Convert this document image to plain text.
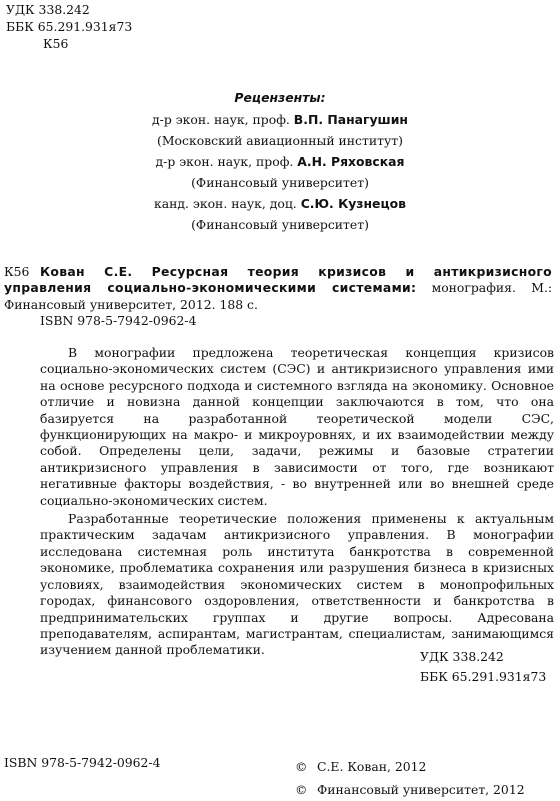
УДК 338.242
ББК 65.291.931я73
К56
Рецензенты:
д-р экон. наук, проф. В.П. Панагушин
(Московский авиационный институт)
д-р экон. наук, проф. А.Н. Ряховская
(Финансовый университет)
канд. экон. наук, доц. С.Ю. Кузнецов
(Финансовый университет)
К56 Кован С.Е. Ресурсная теория кризисов и антикризисного управления социально-экономическими системами: монография. М.: Финансовый университет, 2012. 188 с.
ISBN 978-5-7942-0962-4

В монографии предложена теоретическая концепция кризисов социально-экономических систем (СЭС) и антикризисного управления ими на основе ресурсного подхода и системного взгляда на экономику. Основное отличие и новизна данной концепции заключаются в том, что она базируется на разработанной теоретической модели СЭС, функционирующих на макро- и микроуровнях, и их взаимодействии между собой. Определены цели, задачи, режимы и базовые стратегии антикризисного управления в зависимости от того, где возникают негативные факторы воздействия, - во внутренней или во внешней среде социально-экономических систем.

Разработанные теоретические положения применены к актуальным практическим задачам антикризисного управления. В монографии исследована системная роль института банкротства в современной экономике, проблематика сохранения или разрушения бизнеса в кризисных условиях, взаимодействия экономических систем в монопрофильных городах, финансового оздоровления, ответственности и банкротства в предпринимательских группах и другие вопросы. Адресована преподавателям, аспирантам, магистрантам, специалистам, занимающимся изучением данной проблематики.	УДК 338.242
ББК 65.291.931я73
ISBN 978-5-7942-0962-4	© С.Е. Кован, 2012
© Финансовый университет, 2012
